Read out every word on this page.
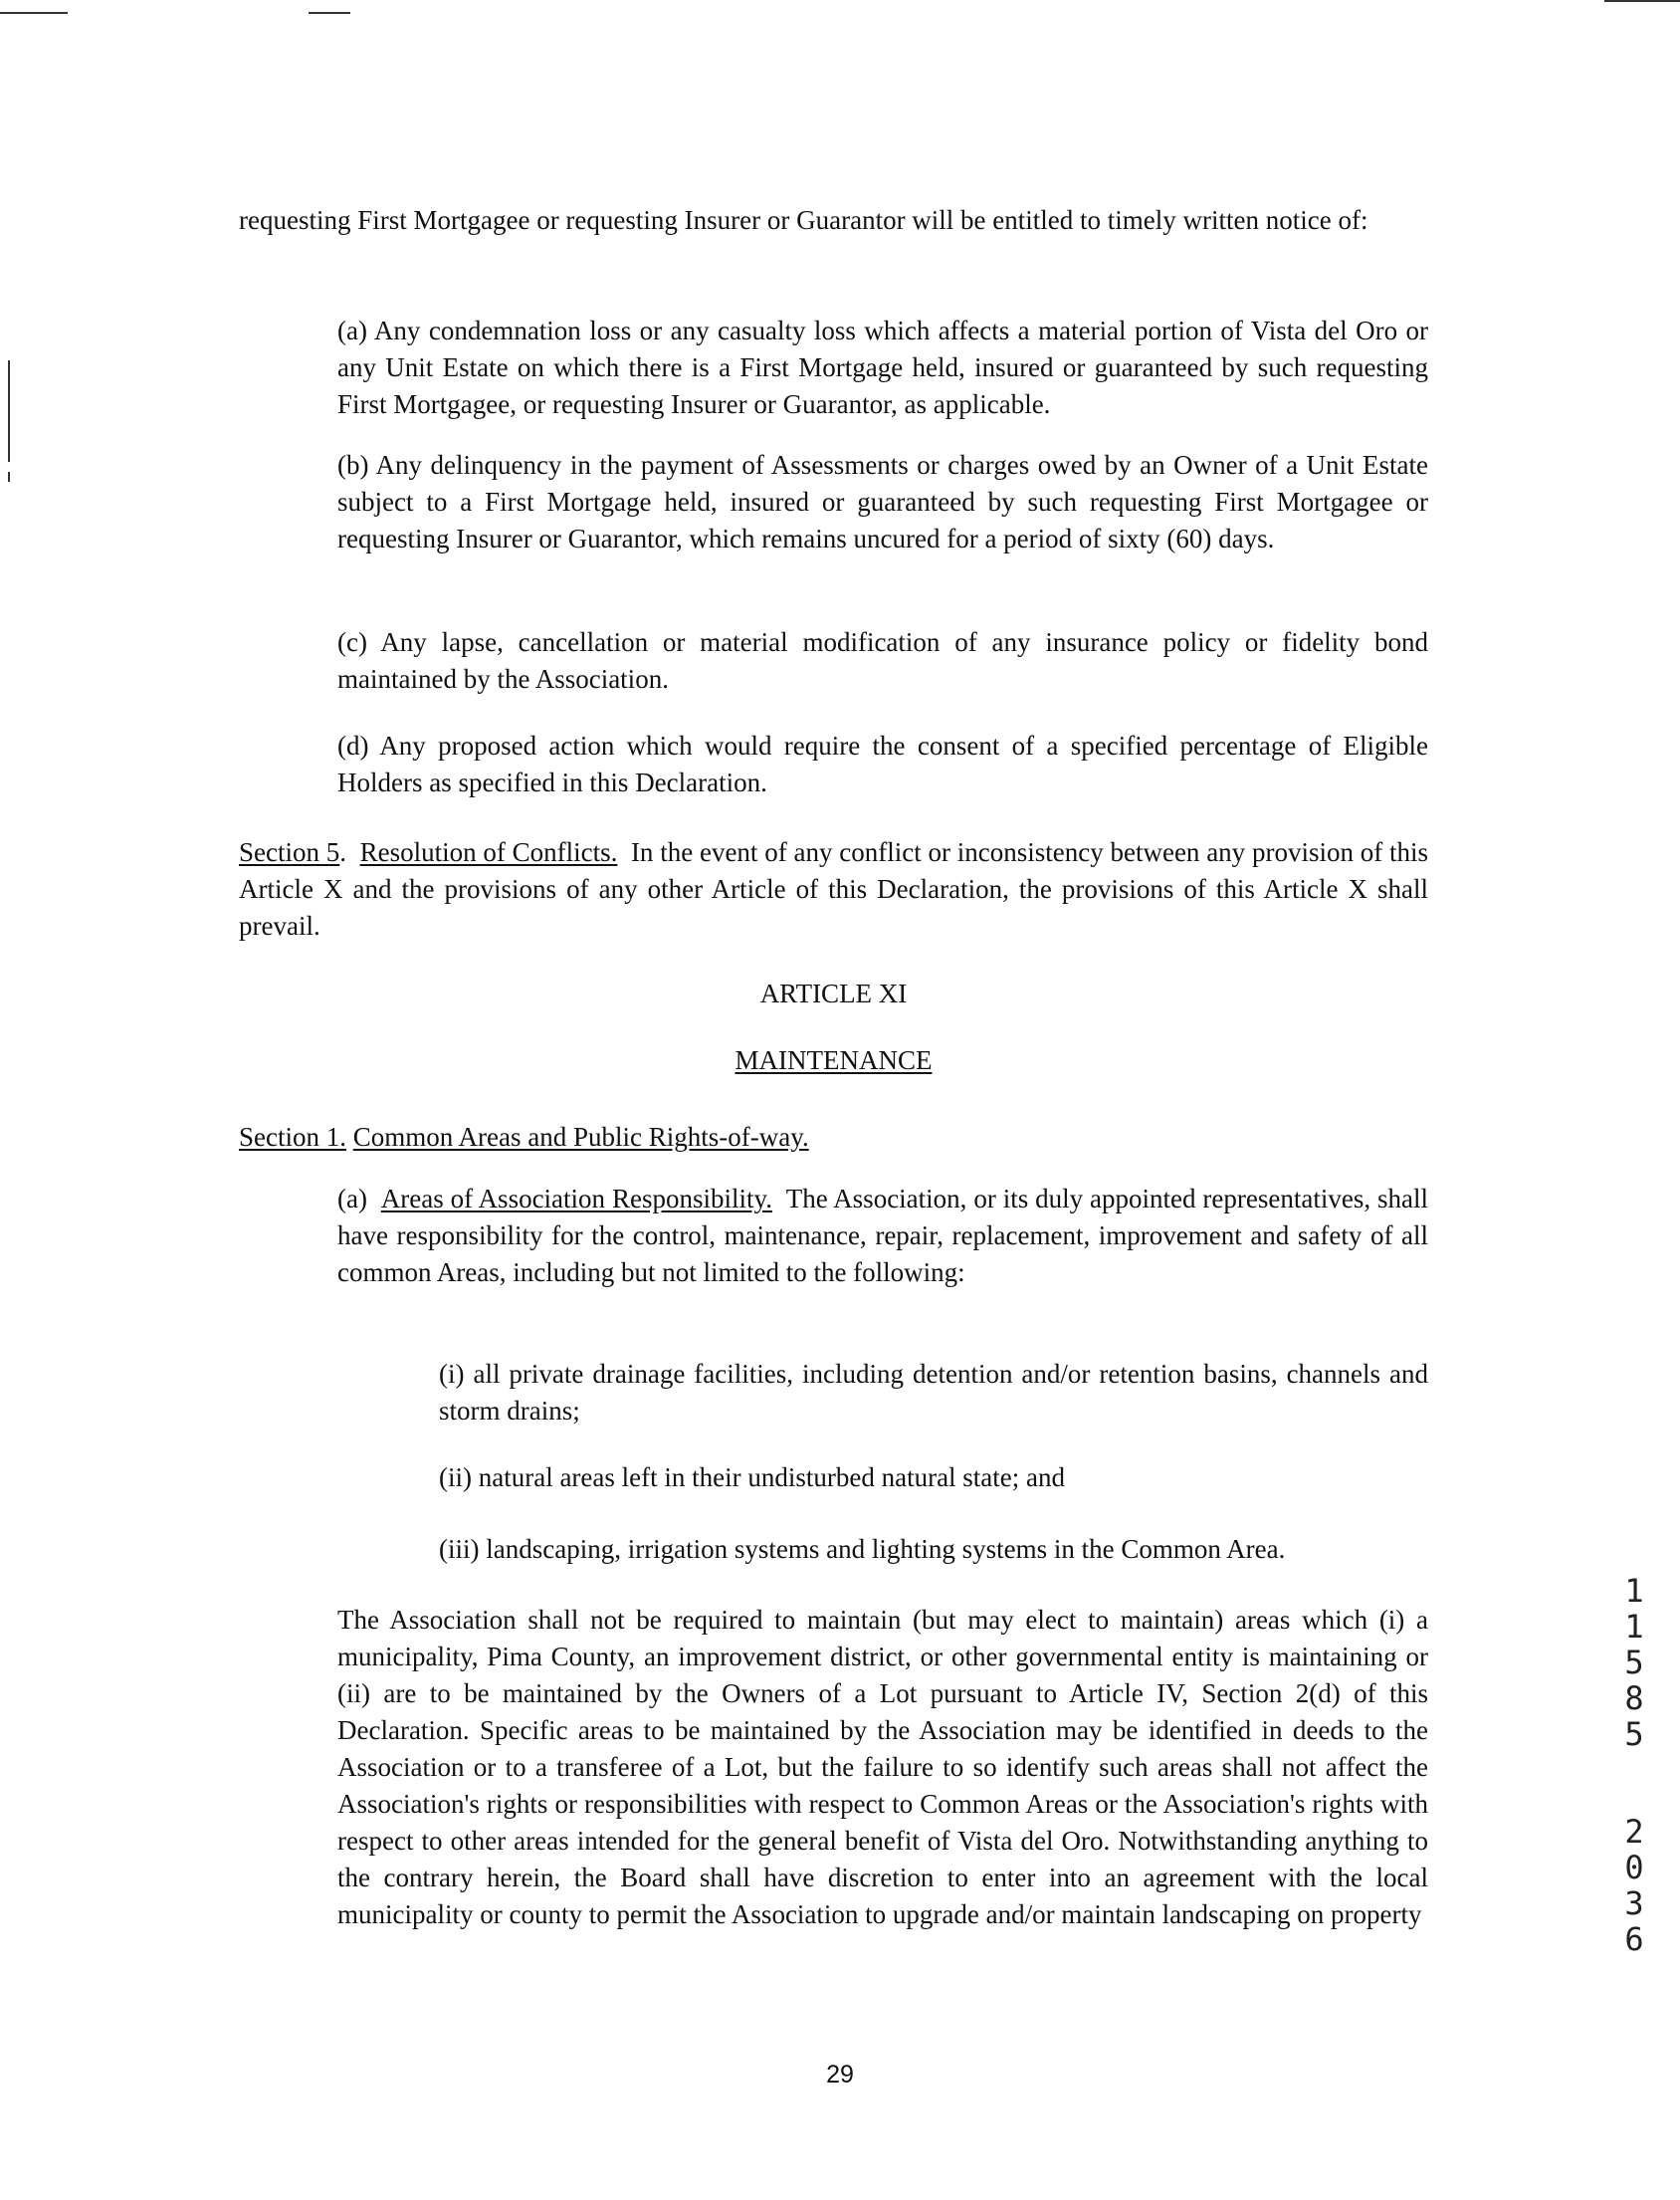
requesting First Mortgagee or requesting Insurer or Guarantor will be entitled to timely written notice of:

(a) Any condemnation loss or any casualty loss which affects a material portion of Vista del Oro or any Unit Estate on which there is a First Mortgage held, insured or guaranteed by such requesting First Mortgagee, or requesting Insurer or Guarantor, as applicable.

(b) Any delinquency in the payment of Assessments or charges owed by an Owner of a Unit Estate subject to a First Mortgage held, insured or guaranteed by such requesting First Mortgagee or requesting Insurer or Guarantor, which remains uncured for a period of sixty (60) days.

(c) Any lapse, cancellation or material modification of any insurance policy or fidelity bond maintained by the Association.

(d) Any proposed action which would require the consent of a specified percentage of Eligible Holders as specified in this Declaration.

Section 5.  Resolution of Conflicts. In the event of any conflict or inconsistency between any provision of this Article X and the provisions of any other Article of this Declaration, the provisions of this Article X shall prevail.

ARTICLE XI

MAINTENANCE

Section 1. Common Areas and Public Rights-of-way.

(a) Areas of Association Responsibility. The Association, or its duly appointed representatives, shall have responsibility for the control, maintenance, repair, replacement, improvement and safety of all common Areas, including but not limited to the following:

(i) all private drainage facilities, including detention and/or retention basins, channels and storm drains;

(ii) natural areas left in their undisturbed natural state; and

(iii) landscaping, irrigation systems and lighting systems in the Common Area.

The Association shall not be required to maintain (but may elect to maintain) areas which (i) a municipality, Pima County, an improvement district, or other governmental entity is maintaining or (ii) are to be maintained by the Owners of a Lot pursuant to Article IV, Section 2(d) of this Declaration. Specific areas to be maintained by the Association may be identified in deeds to the Association or to a transferee of a Lot, but the failure to so identify such areas shall not affect the Association's rights or responsibilities with respect to Common Areas or the Association's rights with respect to other areas intended for the general benefit of Vista del Oro. Notwithstanding anything to the contrary herein, the Board shall have discretion to enter into an agreement with the local municipality or county to permit the Association to upgrade and/or maintain landscaping on property

1
1
5
8
5
2
0
3
6
29
